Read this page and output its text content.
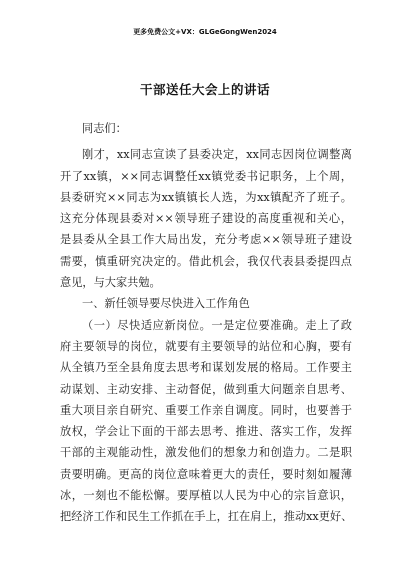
更多免费公文+VX：GLGeGongWen2024
干部送任大会上的讲话
同志们：
刚才，xx同志宣读了县委决定，xx同志因岗位调整离
开了xx镇，××同志调整任xx镇党委书记职务，上个周，
县委研究××同志为xx镇镇长人选，为xx镇配齐了班子。
这充分体现县委对××领导班子建设的高度重视和关心，
是县委从全县工作大局出发，充分考虑××领导班子建设
需要，慎重研究决定的。借此机会，我仅代表县委提四点
意见，与大家共勉。
一、新任领导要尽快进入工作角色
（一）尽快适应新岗位。一是定位要准确。走上了政
府主要领导的岗位，就要有主要领导的站位和心胸，要有
从全镇乃至全县角度去思考和谋划发展的格局。工作要主
动谋划、主动安排、主动督促，做到重大问题亲自思考、
重大项目亲自研究、重要工作亲自调度。同时，也要善于
放权，学会让下面的干部去思考、推进、落实工作，发挥
干部的主观能动性，激发他们的想象力和创造力。二是职
责要明确。更高的岗位意味着更大的责任，要时刻如履薄
冰，一刻也不能松懈。要厚植以人民为中心的宗旨意识，
把经济工作和民生工作抓在手上，扛在肩上，推动xx更好、
